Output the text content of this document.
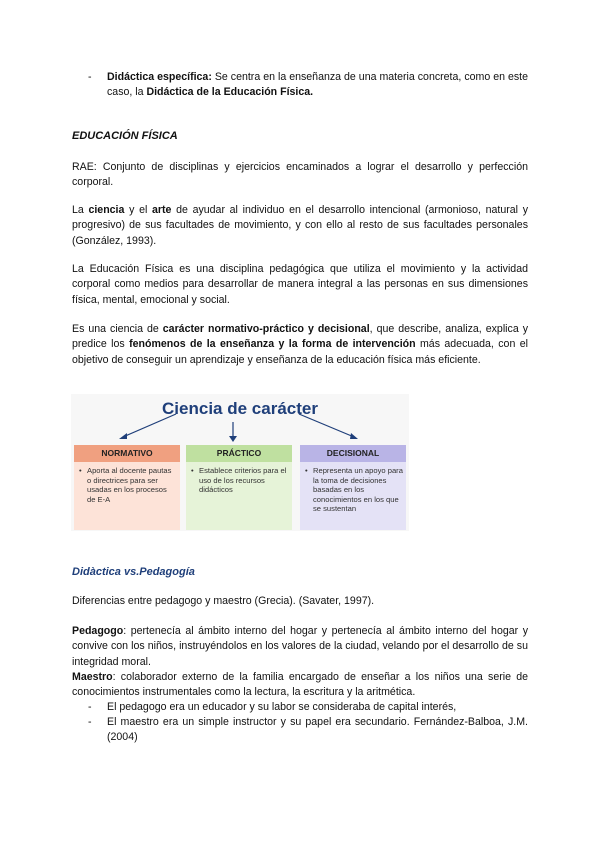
- Didáctica específica: Se centra en la enseñanza de una materia concreta, como en este caso, la Didáctica de la Educación Física.
EDUCACIÓN FÍSICA

RAE: Conjunto de disciplinas y ejercicios encaminados a lograr el desarrollo y perfección corporal.

La ciencia y el arte de ayudar al individuo en el desarrollo intencional (armonioso, natural y progresivo) de sus facultades de movimiento, y con ello al resto de sus facultades personales (González, 1993).

La Educación Física es una disciplina pedagógica que utiliza el movimiento y la actividad corporal como medios para desarrollar de manera integral a las personas en sus dimensiones física, mental, emocional y social.

Es una ciencia de carácter normativo-práctico y decisional, que describe, analiza, explica y predice los fenómenos de la enseñanza y la forma de intervención más adecuada, con el objetivo de conseguir un aprendizaje y enseñanza de la educación física más eficiente.

Ciencia de carácter
NORMATIVO
• Aporta al docente pautas o directrices para ser usadas en los procesos de E-A
PRÁCTICO
• Establece criterios para el uso de los recursos didácticos
DECISIONAL
• Representa un apoyo para la toma de decisiones basadas en los conocimientos en los que se sustentan
Didàctica vs.Pedagogía

Diferencias entre pedagogo y maestro (Grecia). (Savater, 1997).

Pedagogo: pertenecía al ámbito interno del hogar y pertenecía al ámbito interno del hogar y convive con los niños, instruyéndolos en los valores de la ciudad, velando por el desarrollo de su integridad moral.

Maestro: colaborador externo de la familia encargado de enseñar a los niños una serie de conocimientos instrumentales como la lectura, la escritura y la aritmética.

- El pedagogo era un educador y su labor se consideraba de capital interés,
- El maestro era un simple instructor y su papel era secundario. Fernández-Balboa, J.M. (2004)
